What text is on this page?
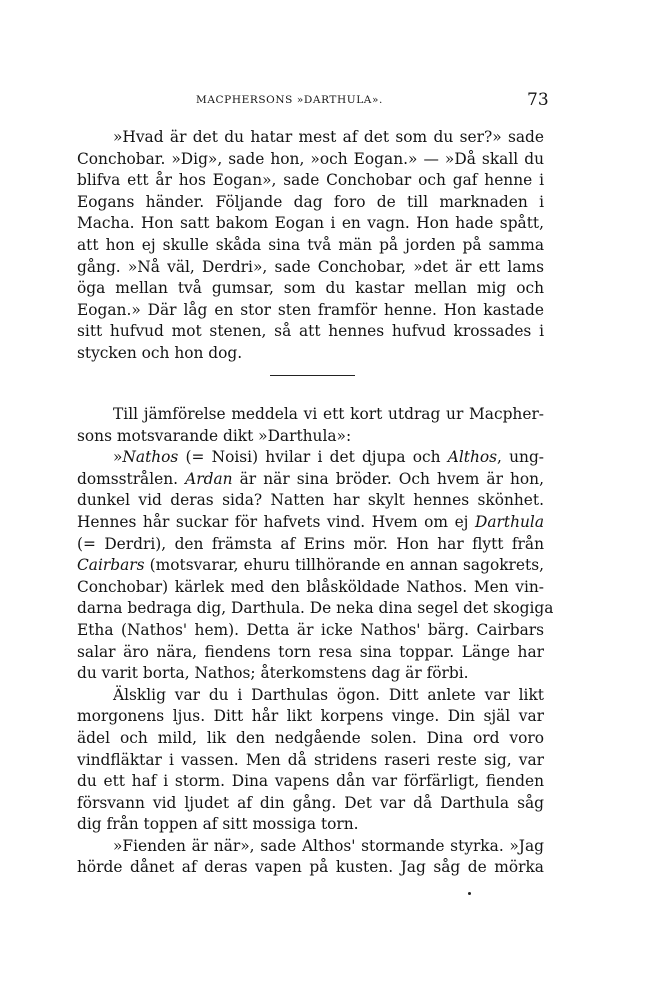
MACPHERSONS »DARTHULA».	73
»Hvad är det du hatar mest af det som du ser?» sade
Conchobar. »Dig», sade hon, »och Eogan.» — »Då skall du
blifva ett år hos Eogan», sade Conchobar och gaf henne i
Eogans händer. Följande dag foro de till marknaden i
Macha. Hon satt bakom Eogan i en vagn. Hon hade spått,
att hon ej skulle skåda sina två män på jorden på samma
gång. »Nå väl, Derdri», sade Conchobar, »det är ett lams
öga mellan två gumsar, som du kastar mellan mig och
Eogan.» Där låg en stor sten framför henne. Hon kastade
sitt hufvud mot stenen, så att hennes hufvud krossades i
stycken och hon dog.
Till jämförelse meddela vi ett kort utdrag ur Macpher-
sons motsvarande dikt »Darthula»:
»Nathos (= Noisi) hvilar i det djupa och Althos, ung-
domsstrålen. Ardan är när sina bröder. Och hvem är hon,
dunkel vid deras sida? Natten har skylt hennes skönhet.
Hennes hår suckar för hafvets vind. Hvem om ej Darthula
(= Derdri), den främsta af Erins mör. Hon har flytt från
Cairbars (motsvarar, ehuru tillhörande en annan sagokrets,
Conchobar) kärlek med den blåsköldade Nathos. Men vin-
darna bedraga dig, Darthula. De neka dina segel det skogiga
Etha (Nathos' hem). Detta är icke Nathos' bärg. Cairbars
salar äro nära, fiendens torn resa sina toppar. Länge har
du varit borta, Nathos; återkomstens dag är förbi.
Älsklig var du i Darthulas ögon. Ditt anlete var likt
morgonens ljus. Ditt hår likt korpens vinge. Din själ var
ädel och mild, lik den nedgående solen. Dina ord voro
vindfläktar i vassen. Men då stridens raseri reste sig, var
du ett haf i storm. Dina vapens dån var förfärligt, fienden
försvann vid ljudet af din gång. Det var då Darthula såg
dig från toppen af sitt mossiga torn.
»Fienden är när», sade Althos' stormande styrka. »Jag
hörde dånet af deras vapen på kusten. Jag såg de mörka
